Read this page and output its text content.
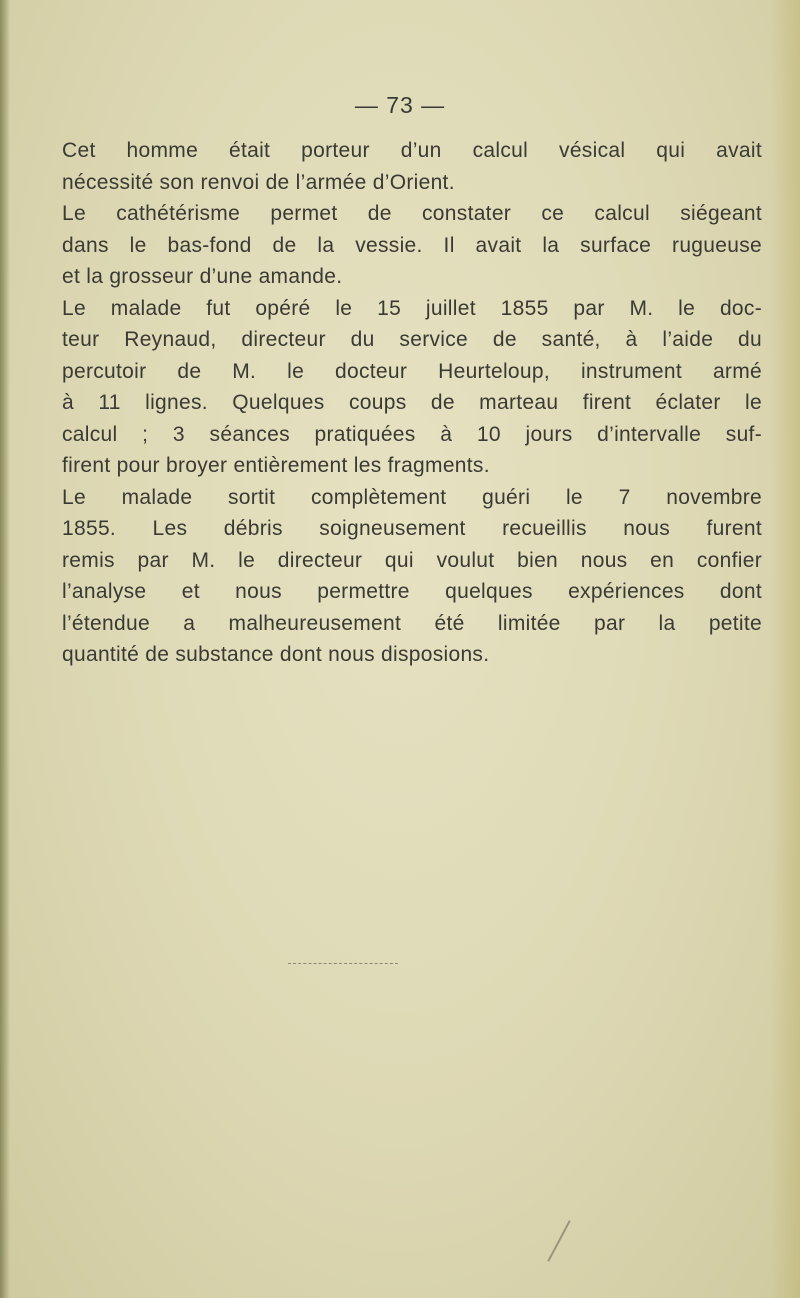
— 73 —
Cet homme était porteur d’un calcul vésical qui avait
nécessité son renvoi de l’armée d’Orient.
Le cathétérisme permet de constater ce calcul siégeant
dans le bas-fond de la vessie. Il avait la surface rugueuse
et la grosseur d’une amande.
Le malade fut opéré le 15 juillet 1855 par M. le doc-
teur Reynaud, directeur du service de santé, à l’aide du
percutoir de M. le docteur Heurteloup, instrument armé
à 11 lignes. Quelques coups de marteau firent éclater le
calcul ; 3 séances pratiquées à 10 jours d’intervalle suf-
firent pour broyer entièrement les fragments.
Le malade sortit complètement guéri le 7 novembre
1855. Les débris soigneusement recueillis nous furent
remis par M. le directeur qui voulut bien nous en confier
l’analyse et nous permettre quelques expériences dont
l’étendue a malheureusement été limitée par la petite
quantité de substance dont nous disposions.
